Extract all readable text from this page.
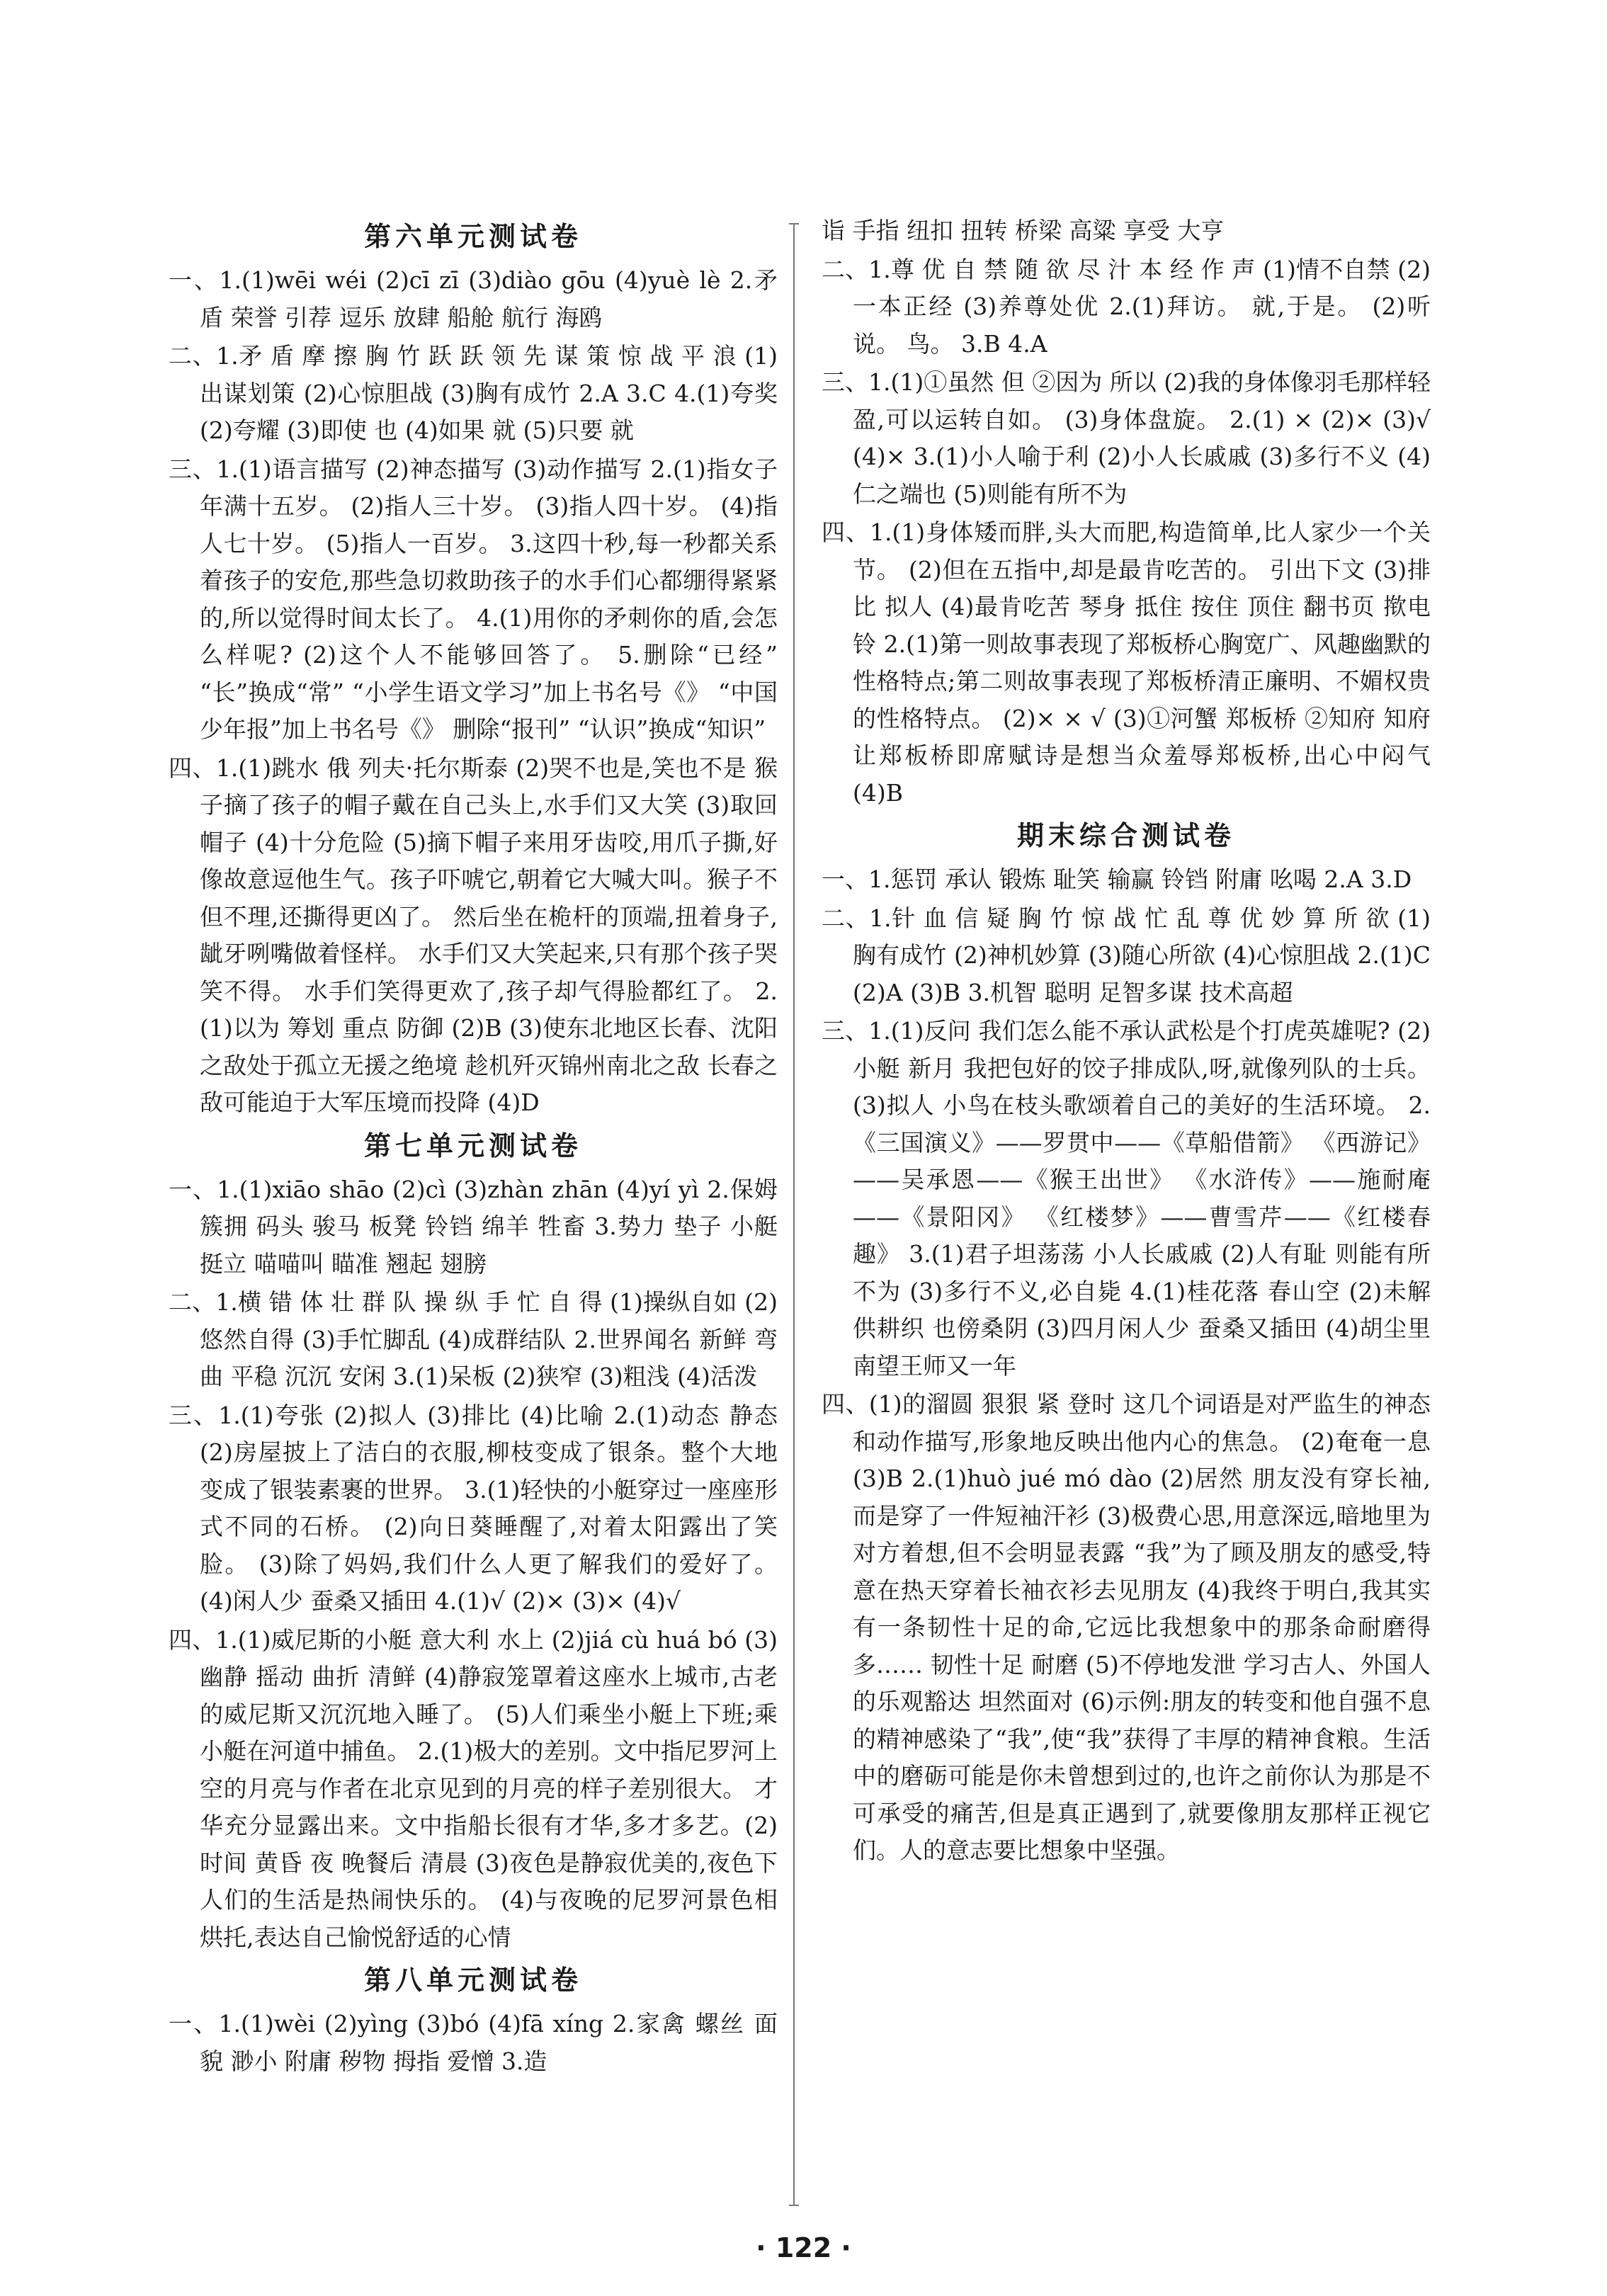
第六单元测试卷

一、1.(1)wēi wéi (2)cī zī (3)diào gōu (4)yuè lè 2.矛盾 荣誉 引荐 逗乐 放肆 船舱 航行 海鸥

二、1.矛 盾 摩 擦 胸 竹 跃 跃 领 先 谋 策 惊 战 平 浪 (1)出谋划策 (2)心惊胆战 (3)胸有成竹 2.A 3.C 4.(1)夸奖 (2)夸耀 (3)即使 也 (4)如果 就 (5)只要 就

三、1.(1)语言描写 (2)神态描写 (3)动作描写 2.(1)指女子年满十五岁。 (2)指人三十岁。 (3)指人四十岁。 (4)指人七十岁。 (5)指人一百岁。 3.这四十秒,每一秒都关系着孩子的安危,那些急切救助孩子的水手们心都绷得紧紧的,所以觉得时间太长了。 4.(1)用你的矛刺你的盾,会怎么样呢? (2)这个人不能够回答了。 5.删除“已经” “长”换成“常” “小学生语文学习”加上书名号《》 “中国少年报”加上书名号《》 删除“报刊” “认识”换成“知识”

四、1.(1)跳水 俄 列夫·托尔斯泰 (2)哭不也是,笑也不是 猴子摘了孩子的帽子戴在自己头上,水手们又大笑 (3)取回帽子 (4)十分危险 (5)摘下帽子来用牙齿咬,用爪子撕,好像故意逗他生气。孩子吓唬它,朝着它大喊大叫。猴子不但不理,还撕得更凶了。 然后坐在桅杆的顶端,扭着身子,龇牙咧嘴做着怪样。 水手们又大笑起来,只有那个孩子哭笑不得。 水手们笑得更欢了,孩子却气得脸都红了。 2.(1)以为 筹划 重点 防御 (2)B (3)使东北地区长春、沈阳之敌处于孤立无援之绝境 趁机歼灭锦州南北之敌 长春之敌可能迫于大军压境而投降 (4)D

第七单元测试卷

一、1.(1)xiāo shāo (2)cì (3)zhàn zhān (4)yí yì 2.保姆 簇拥 码头 骏马 板凳 铃铛 绵羊 牲畜 3.势力 垫子 小艇 挺立 喵喵叫 瞄准 翘起 翅膀

二、1.横 错 体 壮 群 队 操 纵 手 忙 自 得 (1)操纵自如 (2)悠然自得 (3)手忙脚乱 (4)成群结队 2.世界闻名 新鲜 弯曲 平稳 沉沉 安闲 3.(1)呆板 (2)狭窄 (3)粗浅 (4)活泼

三、1.(1)夸张 (2)拟人 (3)排比 (4)比喻 2.(1)动态 静态 (2)房屋披上了洁白的衣服,柳枝变成了银条。整个大地变成了银装素裹的世界。 3.(1)轻快的小艇穿过一座座形式不同的石桥。 (2)向日葵睡醒了,对着太阳露出了笑脸。 (3)除了妈妈,我们什么人更了解我们的爱好了。 (4)闲人少 蚕桑又插田 4.(1)√ (2)× (3)× (4)√

四、1.(1)威尼斯的小艇 意大利 水上 (2)jiá cù huá bó (3)幽静 摇动 曲折 清鲜 (4)静寂笼罩着这座水上城市,古老的威尼斯又沉沉地入睡了。 (5)人们乘坐小艇上下班;乘小艇在河道中捕鱼。 2.(1)极大的差别。文中指尼罗河上空的月亮与作者在北京见到的月亮的样子差别很大。 才华充分显露出来。文中指船长很有才华,多才多艺。(2)时间 黄昏 夜 晚餐后 清晨 (3)夜色是静寂优美的,夜色下人们的生活是热闹快乐的。 (4)与夜晚的尼罗河景色相烘托,表达自己愉悦舒适的心情

第八单元测试卷

一、1.(1)wèi (2)yìng (3)bó (4)fā xíng 2.家禽 螺丝 面貌 渺小 附庸 秽物 拇指 爱憎 3.造

诣 手指 纽扣 扭转 桥梁 高粱 享受 大亨

二、1.尊 优 自 禁 随 欲 尽 汁 本 经 作 声 (1)情不自禁 (2)一本正经 (3)养尊处优 2.(1)拜访。 就,于是。 (2)听说。 鸟。 3.B 4.A

三、1.(1)①虽然 但 ②因为 所以 (2)我的身体像羽毛那样轻盈,可以运转自如。 (3)身体盘旋。 2.(1) × (2)× (3)√ (4)× 3.(1)小人喻于利 (2)小人长戚戚 (3)多行不义 (4)仁之端也 (5)则能有所不为

四、1.(1)身体矮而胖,头大而肥,构造简单,比人家少一个关节。 (2)但在五指中,却是最肯吃苦的。 引出下文 (3)排比 拟人 (4)最肯吃苦 琴身 抵住 按住 顶住 翻书页 揿电铃 2.(1)第一则故事表现了郑板桥心胸宽广、风趣幽默的性格特点;第二则故事表现了郑板桥清正廉明、不媚权贵的性格特点。 (2)× × √ (3)①河蟹 郑板桥 ②知府 知府让郑板桥即席赋诗是想当众羞辱郑板桥,出心中闷气 (4)B

期末综合测试卷

一、1.惩罚 承认 锻炼 耻笑 输赢 铃铛 附庸 吆喝 2.A 3.D

二、1.针 血 信 疑 胸 竹 惊 战 忙 乱 尊 优 妙 算 所 欲 (1)胸有成竹 (2)神机妙算 (3)随心所欲 (4)心惊胆战 2.(1)C (2)A (3)B 3.机智 聪明 足智多谋 技术高超

三、1.(1)反问 我们怎么能不承认武松是个打虎英雄呢? (2)小艇 新月 我把包好的饺子排成队,呀,就像列队的士兵。 (3)拟人 小鸟在枝头歌颂着自己的美好的生活环境。 2.《三国演义》——罗贯中——《草船借箭》 《西游记》——吴承恩——《猴王出世》 《水浒传》——施耐庵——《景阳冈》 《红楼梦》——曹雪芹——《红楼春趣》 3.(1)君子坦荡荡 小人长戚戚 (2)人有耻 则能有所不为 (3)多行不义,必自毙 4.(1)桂花落 春山空 (2)未解供耕织 也傍桑阴 (3)四月闲人少 蚕桑又插田 (4)胡尘里 南望王师又一年

四、(1)的溜圆 狠狠 紧 登时 这几个词语是对严监生的神态和动作描写,形象地反映出他内心的焦急。 (2)奄奄一息 (3)B 2.(1)huò jué mó dào (2)居然 朋友没有穿长袖,而是穿了一件短袖汗衫 (3)极费心思,用意深远,暗地里为对方着想,但不会明显表露 “我”为了顾及朋友的感受,特意在热天穿着长袖衣衫去见朋友 (4)我终于明白,我其实有一条韧性十足的命,它远比我想象中的那条命耐磨得多…… 韧性十足 耐磨 (5)不停地发泄 学习古人、外国人的乐观豁达 坦然面对 (6)示例:朋友的转变和他自强不息的精神感染了“我”,使“我”获得了丰厚的精神食粮。生活中的磨砺可能是你未曾想到过的,也许之前你认为那是不可承受的痛苦,但是真正遇到了,就要像朋友那样正视它们。人的意志要比想象中坚强。

· 122 ·
